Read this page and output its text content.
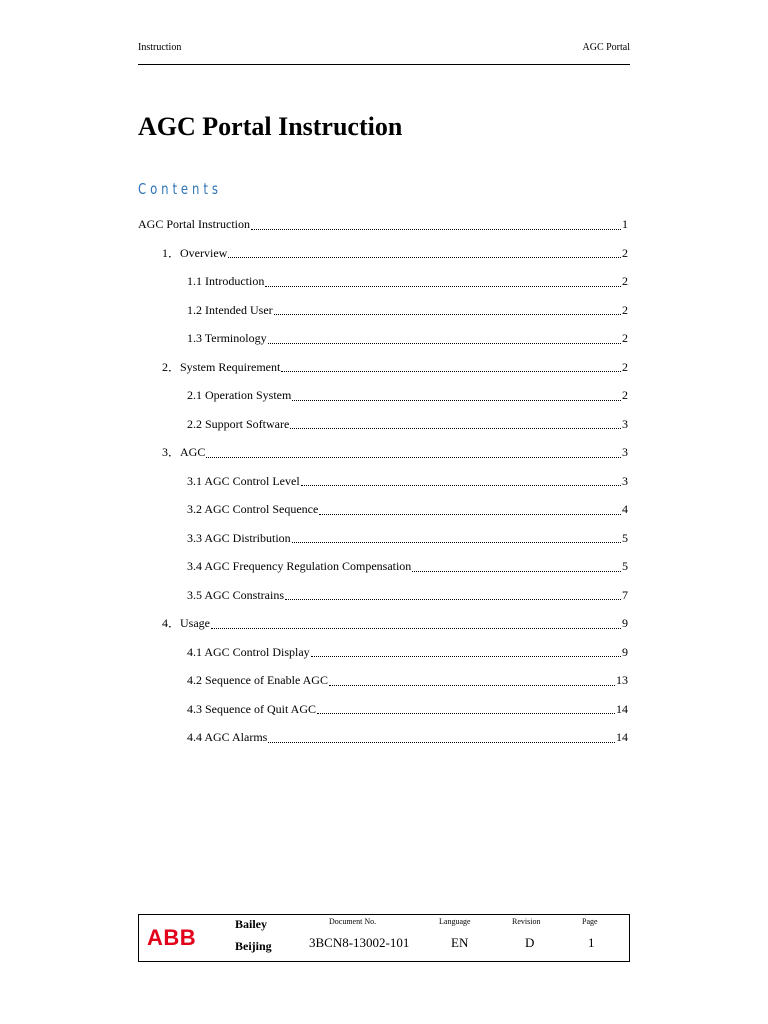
Instruction	AGC Portal
AGC Portal Instruction
Contents
AGC Portal Instruction	1
1．Overview	2
1.1 Introduction	2
1.2 Intended User	2
1.3 Terminology	2
2．System Requirement	2
2.1 Operation System	2
2.2 Support Software	3
3．AGC	3
3.1 AGC Control Level	3
3.2 AGC Control Sequence	4
3.3 AGC Distribution	5
3.4 AGC Frequency Regulation Compensation	5
3.5 AGC Constrains	7
4．Usage	9
4.1 AGC Control Display	9
4.2 Sequence of Enable AGC	13
4.3 Sequence of Quit AGC	14
4.4 AGC Alarms	14
ABB
Bailey
Beijing
Document No.
3BCN8-13002-101
Language
EN
Revision
D
Page
1
